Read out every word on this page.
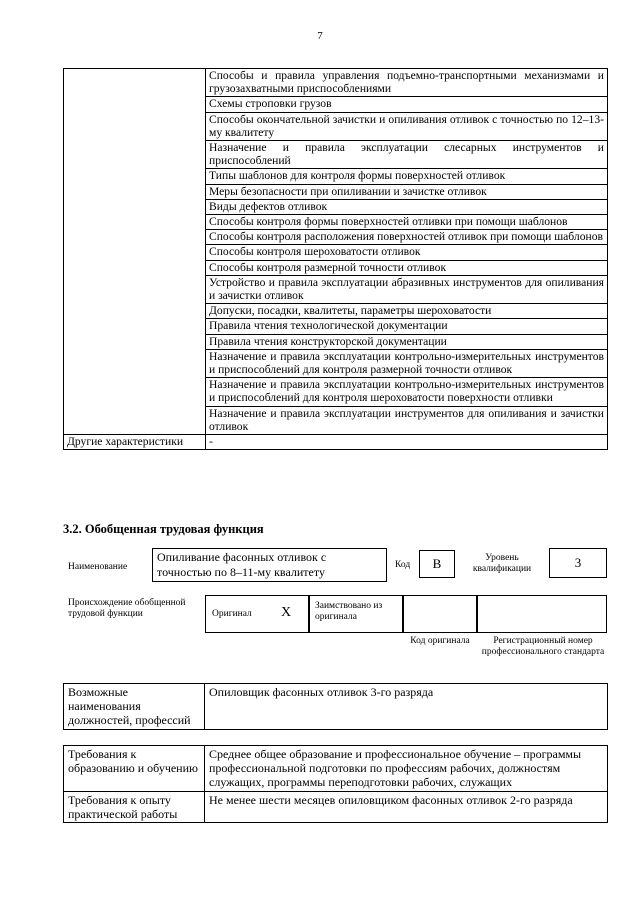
7
	Способы и правила управления подъемно-транспортными механизмами и грузозахватными приспособлениями
	Схемы строповки грузов
	Способы окончательной зачистки и опиливания отливок с точностью по 12–13-му квалитету
	Назначение и правила эксплуатации слесарных инструментов и приспособлений
	Типы шаблонов для контроля формы поверхностей отливок
	Меры безопасности при опиливании и зачистке отливок
	Виды дефектов отливок
	Способы контроля формы поверхностей отливки при помощи шаблонов
	Способы контроля расположения поверхностей отливок при помощи шаблонов
	Способы контроля шероховатости отливок
	Способы контроля размерной точности отливок
	Устройство и правила эксплуатации абразивных инструментов для опиливания и зачистки отливок
	Допуски, посадки, квалитеты, параметры шероховатости
	Правила чтения технологической документации
	Правила чтения конструкторской документации
	Назначение и правила эксплуатации контрольно-измерительных инструментов и приспособлений для контроля размерной точности отливок
	Назначение и правила эксплуатации контрольно-измерительных инструментов и приспособлений для контроля шероховатости поверхности отливки
	Назначение и правила эксплуатации инструментов для опиливания и зачистки отливок
Другие характеристики	-
3.2. Обобщенная трудовая функция
Наименование
Опиливание фасонных отливок с точностью по 8–11-му квалитету	Код	B	Уровень квалификации	3
Происхождение обобщенной трудовой функции	Оригинал X	Заимствовано из оригинала
Код оригинала	Регистрационный номер профессионального стандарта
Возможные наименования должностей, профессий	Опиловщик фасонных отливок 3-го разряда
Требования к образованию и обучению	Среднее общее образование и профессиональное обучение – программы профессиональной подготовки по профессиям рабочих, должностям служащих, программы переподготовки рабочих, служащих
Требования к опыту практической работы	Не менее шести месяцев опиловщиком фасонных отливок 2-го разряда
